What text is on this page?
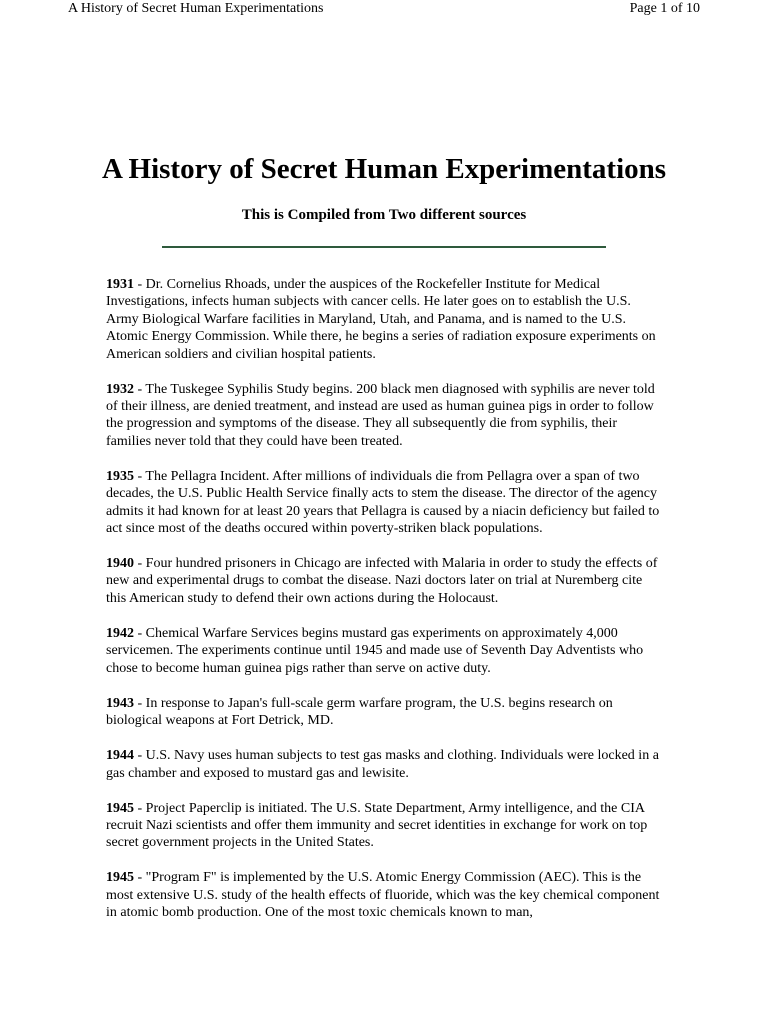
A History of Secret Human Experimentations	Page 1 of 10
A History of Secret Human Experimentations
This is Compiled from Two different sources

1931 - Dr. Cornelius Rhoads, under the auspices of the Rockefeller Institute for Medical Investigations, infects human subjects with cancer cells. He later goes on to establish the U.S. Army Biological Warfare facilities in Maryland, Utah, and Panama, and is named to the U.S. Atomic Energy Commission. While there, he begins a series of radiation exposure experiments on American soldiers and civilian hospital patients.

1932 - The Tuskegee Syphilis Study begins. 200 black men diagnosed with syphilis are never told of their illness, are denied treatment, and instead are used as human guinea pigs in order to follow the progression and symptoms of the disease. They all subsequently die from syphilis, their families never told that they could have been treated.

1935 - The Pellagra Incident. After millions of individuals die from Pellagra over a span of two decades, the U.S. Public Health Service finally acts to stem the disease. The director of the agency admits it had known for at least 20 years that Pellagra is caused by a niacin deficiency but failed to act since most of the deaths occured within poverty-striken black populations.

1940 - Four hundred prisoners in Chicago are infected with Malaria in order to study the effects of new and experimental drugs to combat the disease. Nazi doctors later on trial at Nuremberg cite this American study to defend their own actions during the Holocaust.

1942 - Chemical Warfare Services begins mustard gas experiments on approximately 4,000 servicemen. The experiments continue until 1945 and made use of Seventh Day Adventists who chose to become human guinea pigs rather than serve on active duty.

1943 - In response to Japan's full-scale germ warfare program, the U.S. begins research on biological weapons at Fort Detrick, MD.

1944 - U.S. Navy uses human subjects to test gas masks and clothing. Individuals were locked in a gas chamber and exposed to mustard gas and lewisite.

1945 - Project Paperclip is initiated. The U.S. State Department, Army intelligence, and the CIA recruit Nazi scientists and offer them immunity and secret identities in exchange for work on top secret government projects in the United States.

1945 - "Program F" is implemented by the U.S. Atomic Energy Commission (AEC). This is the most extensive U.S. study of the health effects of fluoride, which was the key chemical component in atomic bomb production. One of the most toxic chemicals known to man,
